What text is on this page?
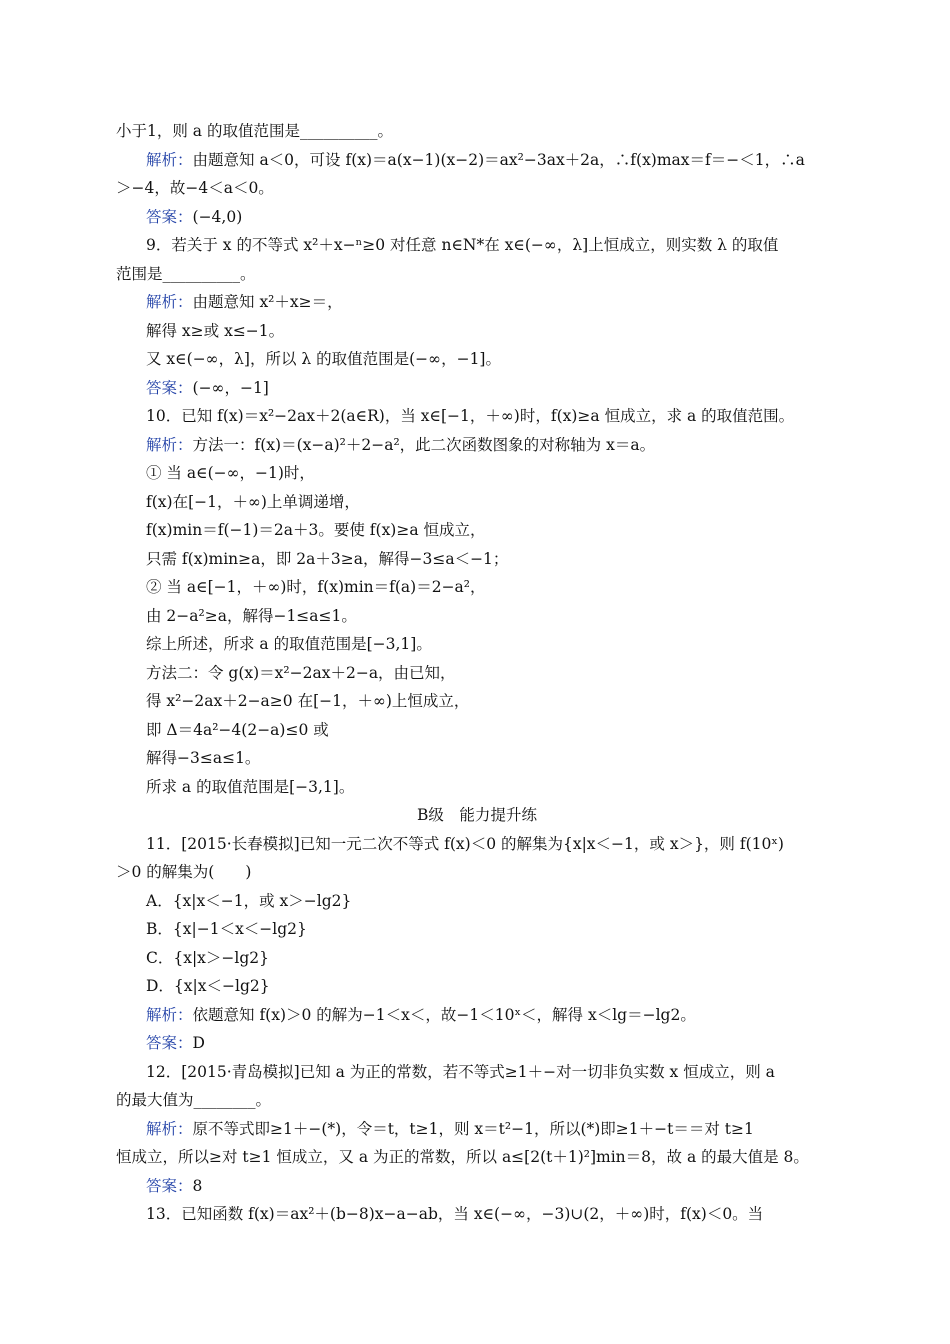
小于1，则 a 的取值范围是__________。
解析：由题意知 a＜0，可设 f(x)＝a(x−1)(x−2)＝ax²−3ax＋2a，∴f(x)max＝f＝−＜1，∴a
＞−4，故−4＜a＜0。
答案：(−4,0)
9．若关于 x 的不等式 x²＋x−ⁿ≥0 对任意 n∈N*在 x∈(−∞，λ]上恒成立，则实数 λ 的取值
范围是__________。
解析：由题意知 x²＋x≥＝，
解得 x≥或 x≤−1。
又 x∈(−∞，λ]，所以 λ 的取值范围是(−∞，−1]。
答案：(−∞，−1]
10．已知 f(x)＝x²−2ax＋2(a∈R)，当 x∈[−1，＋∞)时，f(x)≥a 恒成立，求 a 的取值范围。
解析：方法一：f(x)＝(x−a)²＋2−a²，此二次函数图象的对称轴为 x＝a。
① 当 a∈(−∞，−1)时，
f(x)在[−1，＋∞)上单调递增，
f(x)min＝f(−1)＝2a＋3。要使 f(x)≥a 恒成立，
只需 f(x)min≥a，即 2a＋3≥a，解得−3≤a＜−1；
② 当 a∈[−1，＋∞)时，f(x)min＝f(a)＝2−a²，
由 2−a²≥a，解得−1≤a≤1。
综上所述，所求 a 的取值范围是[−3,1]。
方法二：令 g(x)＝x²−2ax＋2−a，由已知，
得 x²−2ax＋2−a≥0 在[−1，＋∞)上恒成立，
即 Δ＝4a²−4(2−a)≤0 或
解得−3≤a≤1。
所求 a 的取值范围是[−3,1]。
B级　能力提升练
11．[2015·长春模拟]已知一元二次不等式 f(x)＜0 的解集为{x|x＜−1，或 x＞}，则 f(10ˣ)
＞0 的解集为(　　)
A．{x|x＜−1，或 x＞−lg2}
B．{x|−1＜x＜−lg2}
C．{x|x＞−lg2}
D．{x|x＜−lg2}
解析：依题意知 f(x)＞0 的解为−1＜x＜，故−1＜10ˣ＜，解得 x＜lg＝−lg2。
答案：D
12．[2015·青岛模拟]已知 a 为正的常数，若不等式≥1＋−对一切非负实数 x 恒成立，则 a
的最大值为________。
解析：原不等式即≥1＋−(*)，令＝t，t≥1，则 x＝t²−1，所以(*)即≥1＋−t＝＝对 t≥1
恒成立，所以≥对 t≥1 恒成立，又 a 为正的常数，所以 a≤[2(t＋1)²]min＝8，故 a 的最大值是 8。
答案：8
13．已知函数 f(x)＝ax²＋(b−8)x−a−ab，当 x∈(−∞，−3)∪(2，＋∞)时，f(x)＜0。当
